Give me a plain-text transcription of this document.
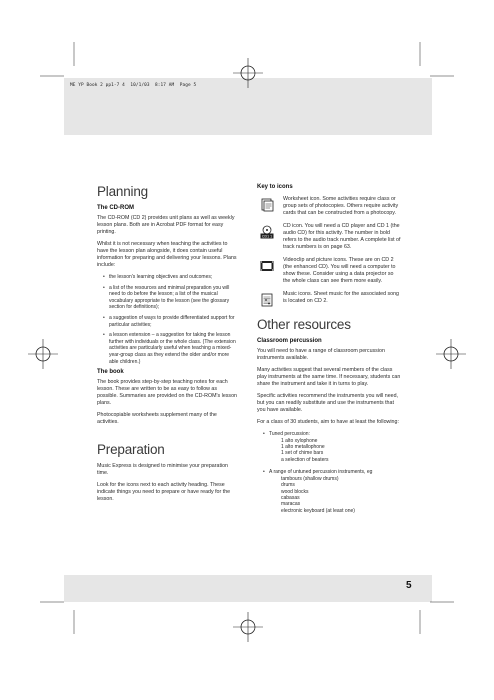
ME YP Book 2 pp1-7 4  10/1/03  8:17 AM  Page 5
5
Planning
The CD-ROM

The CD-ROM (CD 2) provides unit plans as well as weekly lesson plans. Both are in Acrobat PDF format for easy printing.

Whilst it is not necessary when teaching the activities to have the lesson plan alongside, it does contain useful information for preparing and delivering your lessons. Plans include:

• the lesson's learning objectives and outcomes;
• a list of the resources and minimal preparation you will need to do before the lesson; a list of the musical vocabulary appropriate to the lesson (see the glossary section for definitions);
• a suggestion of ways to provide differentiated support for particular activities;
• a lesson extension – a suggestion for taking the lesson further with individuals or the whole class. (The extension activities are particularly useful when teaching a mixed-year-group class as they extend the older and/or more able children.)
The book

The book provides step-by-step teaching notes for each lesson. These are written to be as easy to follow as possible. Summaries are provided on the CD-ROM's lesson plans.

Photocopiable worksheets supplement many of the activities.

Preparation

Music Express is designed to minimise your preparation time.

Look for the icons next to each activity heading. These indicate things you need to prepare or have ready for the lesson.

Key to icons

Worksheet icon. Some activities require class or group sets of photocopies. Others require activity cards that can be constructed from a photocopy.

CD1 1

CD icon. You will need a CD player and CD 1 (the audio CD) for this activity. The number in bold refers to the audio track number. A complete list of track numbers is on page 63.

Videoclip and picture icons. These are on CD 2 (the enhanced CD). You will need a computer to show these. Consider using a data projector so the whole class can see them more easily.

Music icons. Sheet music for the associated song is located on CD 2.

Other resources
Classroom percussion

You will need to have a range of classroom percussion instruments available.

Many activities suggest that several members of the class play instruments at the same time. If necessary, students can share the instrument and take it in turns to play.

Specific activities recommend the instruments you will need, but you can readily substitute and use the instruments that you have available.

For a class of 30 students, aim to have at least the following:

• Tuned percussion:
1 alto xylophone
1 alto metallophone
1 set of chime bars
a selection of beaters
• A range of untuned percussion instruments, eg
tambours (shallow drums)
drums
wood blocks
cabasas
maracas
electronic keyboard (at least one)
